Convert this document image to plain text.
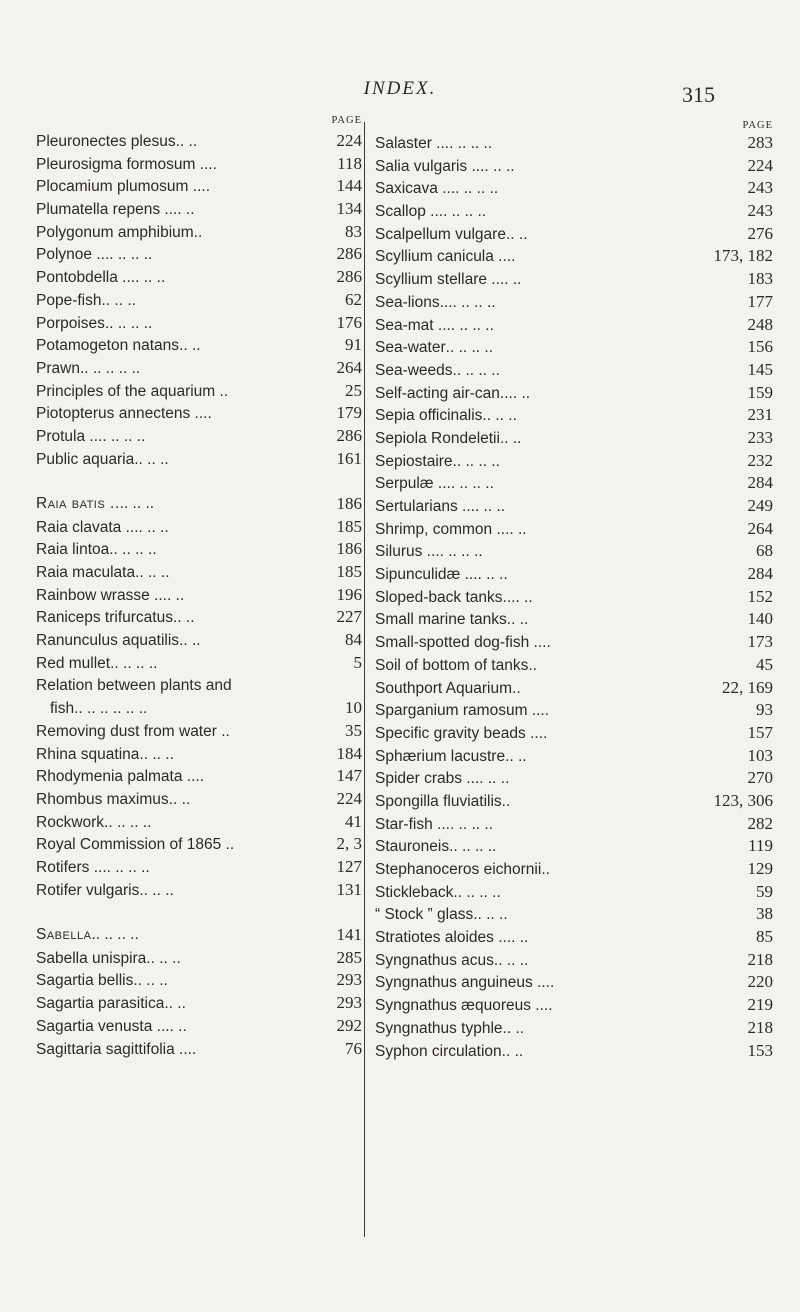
INDEX.	315
PAGE
Pleuronectes plesus .. ..	224
Pleurosigma formosum .. ..	118
Plocamium plumosum .. ..	144
Plumatella repens .. .. ..	134
Polygonum amphibium ..	83
Polynoe .. .. .. .. ..	286
Pontobdella .. .. .. ..	286
Pope-fish .. .. ..	62
Porpoises .. .. .. ..	176
Potamogeton natans .. ..	91
Prawn .. .. .. .. ..	264
Principles of the aquarium ..	25
Piotopterus annectens .. ..	179
Protula .. .. .. .. ..	286
Public aquaria .. .. ..	161
Raia batis .. .. .. ..	186
Raia clavata .. .. .. ..	185
Raia lintoa .. .. .. ..	186
Raia maculata .. .. ..	185
Rainbow wrasse .. .. ..	196
Raniceps trifurcatus .. ..	227
Ranunculus aquatilis .. ..	84
Red mullet .. .. .. ..	5
Relation between plants and
fish .. .. .. .. .. ..	10
Removing dust from water ..	35
Rhina squatina .. .. ..	184
Rhodymenia palmata .. ..	147
Rhombus maximus .. ..	224
Rockwork .. .. .. ..	41
Royal Commission of 1865 ..	2, 3
Rotifers .. .. .. .. ..	127
Rotifer vulgaris .. .. ..	131
Sabella .. .. .. ..	141
Sabella unispira .. .. ..	285
Sagartia bellis .. .. ..	293
Sagartia parasitica .. ..	293
Sagartia venusta .. .. ..	292
Sagittaria sagittifolia .. ..	76
PAGE
Salaster .. .. .. .. ..	283
Salia vulgaris .. .. .. ..	224
Saxicava .. .. .. .. ..	243
Scallop .. .. .. .. ..	243
Scalpellum vulgare .. ..	276
Scyllium canicula .. ..	173, 182
Scyllium stellare .. .. ..	183
Sea-lions.. .. .. .. ..	177
Sea-mat .. .. .. .. ..	248
Sea-water .. .. .. ..	156
Sea-weeds .. .. .. ..	145
Self-acting air-can.. .. ..	159
Sepia officinalis .. .. ..	231
Sepiola Rondeletii .. ..	233
Sepiostaire .. .. .. ..	232
Serpulæ .. .. .. .. ..	284
Sertularians .. .. .. ..	249
Shrimp, common .. .. ..	264
Silurus .. .. .. .. ..	68
Sipunculidæ .. .. .. ..	284
Sloped-back tanks.. .. ..	152
Small marine tanks .. ..	140
Small-spotted dog-fish .. ..	173
Soil of bottom of tanks ..	45
Southport Aquarium ..	22, 169
Sparganium ramosum .. ..	93
Specific gravity beads .. ..	157
Sphærium lacustre .. ..	103
Spider crabs .. .. .. ..	270
Spongilla fluviatilis ..	123, 306
Star-fish .. .. .. .. ..	282
Stauroneis .. .. .. ..	119
Stephanoceros eichornii ..	129
Stickleback .. .. .. ..	59
“ Stock ” glass .. .. ..	38
Stratiotes aloides .. .. ..	85
Syngnathus acus .. .. ..	218
Syngnathus anguineus .. ..	220
Syngnathus æquoreus .. ..	219
Syngnathus typhle .. ..	218
Syphon circulation .. ..	153
